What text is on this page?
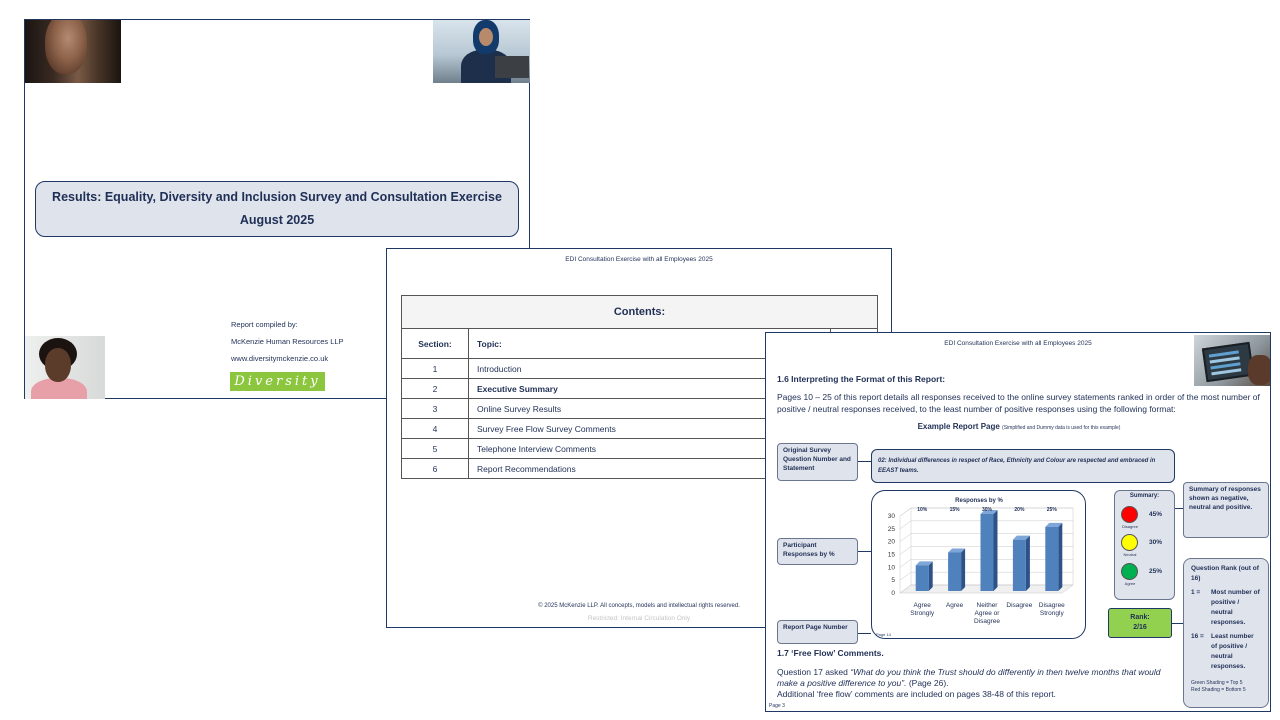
Results: Equality, Diversity and Inclusion Survey and Consultation Exercise
August 2025
Report compiled by:
McKenzie Human Resources LLP
www.diversitymckenzie.co.uk
Diversity
EDI Consultation Exercise with all Employees 2025
Contents:		
Section:	Topic:	
1	Introduction	
2	Executive Summary	
3	Online Survey Results	
4	Survey Free Flow Survey Comments	
5	Telephone Interview Comments	
6	Report Recommendations	
© 2025 McKenzie LLP. All concepts, models and intellectual rights reserved.
Restricted: Internal Circulation Only
EDI Consultation Exercise with all Employees 2025
1.6 Interpreting the Format of this Report:
Pages 10 – 25 of this report details all responses received to the online survey statements ranked in order of the most number of positive / neutral responses received, to the least number of positive responses using the following format:
Example Report Page (Simplified and Dummy data is used for this example)
Original Survey Question Number and Statement
02: Individual differences in respect of Race, Ethnicity and Colour are respected and embraced in EEAST teams.
Participant Responses by %
Report Page Number
0
5
10
15
20
25
30
Responses by %
10%
Agree Strongly
15%
Agree
30%
Neither Agree or Disagree
20%
Disagree
25%
Disagree Strongly
Page 14
Summary:
Disagree
45%
Neutral
30%
Agree
25%
Summary of responses shown as negative, neutral and positive.
Rank:
2/16
Question Rank (out of 16)
1 =	Most number of positive / neutral responses.
16 =	Least number of positive / neutral responses.
Green Shading = Top 5
Red Shading = Bottom 5
1.7 ‘Free Flow’ Comments.
Question 17 asked “What do you think the Trust should do differently in then twelve months that would make a positive difference to you”. (Page 26).
Additional ‘free flow’ comments are included on pages 38-48 of this report.
Page 3
